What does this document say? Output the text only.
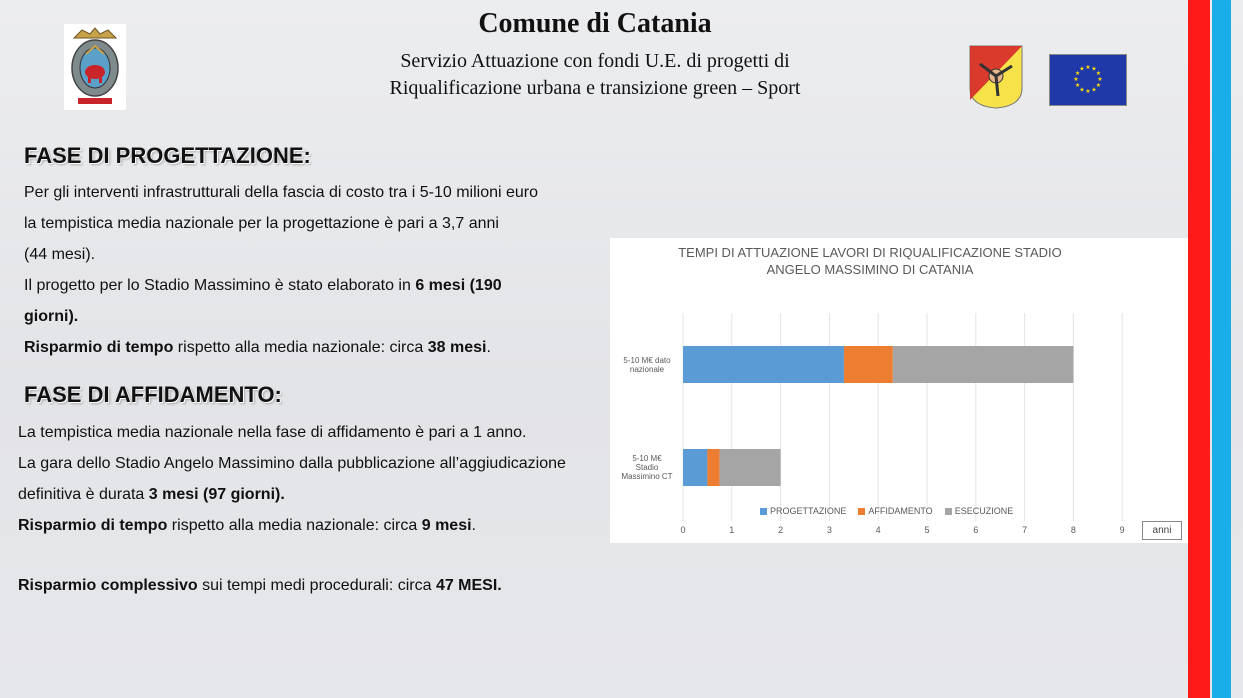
★ ★
★
★
★
★
★
★
★
★
★
★
Comune di Catania
Servizio Attuazione con fondi U.E. di progetti di
Riqualificazione urbana e transizione green – Sport
FASE DI PROGETTAZIONE:

Per gli interventi infrastrutturali della fascia di costo tra i 5-10 milioni euro

la tempistica media nazionale per la progettazione è pari a 3,7 anni

(44 mesi).

Il progetto per lo Stadio Massimino è stato elaborato in 6 mesi (190

giorni).

Risparmio di tempo rispetto alla media nazionale: circa 38 mesi.

FASE DI AFFIDAMENTO:

La tempistica media nazionale nella fase di affidamento è pari a 1 anno.

La gara dello Stadio Angelo Massimino dalla pubblicazione all’aggiudicazione

definitiva è durata 3 mesi (97 giorni).

Risparmio di tempo rispetto alla media nazionale: circa 9 mesi.

Risparmio complessivo sui tempi medi procedurali: circa 47 MESI.

TEMPI DI ATTUAZIONE LAVORI DI RIQUALIFICAZIONE STADIO
ANGELO MASSIMINO DI CATANIA
5-10 M€ dato
nazionale
5-10 M€
Stadio
Massimino CT
PROGETTAZIONE AFFIDAMENTO ESECUZIONE
0	1	2	3	4	5	6	7	8	9	anni
